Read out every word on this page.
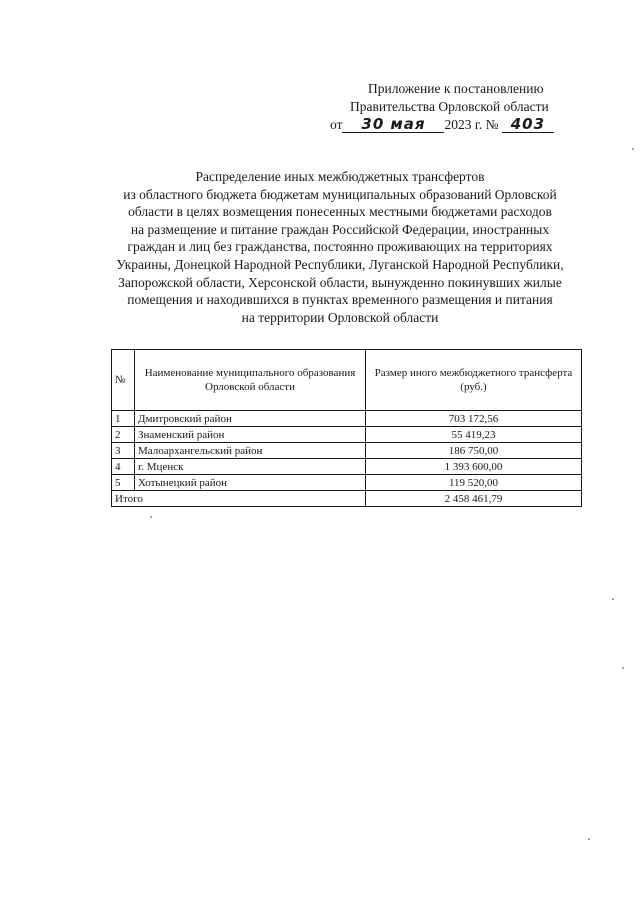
Приложение к постановлению
Правительства Орловской области
от 30 мая 2023 г. № 403
Распределение иных межбюджетных трансфертов
из областного бюджета бюджетам муниципальных образований Орловской
области в целях возмещения понесенных местными бюджетами расходов
на размещение и питание граждан Российской Федерации, иностранных
граждан и лиц без гражданства, постоянно проживающих на территориях
Украины, Донецкой Народной Республики, Луганской Народной Республики,
Запорожской области, Херсонской области, вынужденно покинувших жилые
помещения и находившихся в пунктах временного размещения и питания
на территории Орловской области
№	Наименование муниципального образования Орловской области	Размер иного межбюджетного трансферта (руб.)
1	Дмитровский район	703 172,56
2	Знаменский район	55 419,23
3	Малоархангельский район	186 750,00
4	г. Мценск	1 393 600,00
5	Хотынецкий район	119 520,00
Итого		2 458 461,79
